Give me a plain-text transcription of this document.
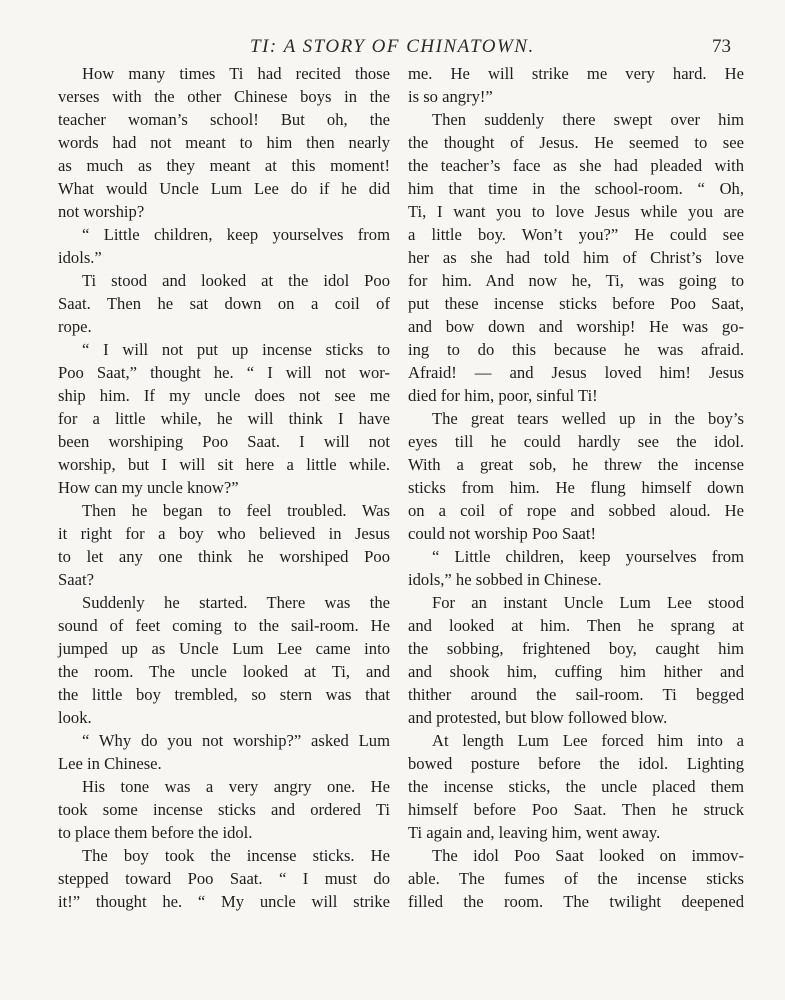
TI: A STORY OF CHINATOWN.	73
How many times Ti had recited those
verses with the other Chinese boys in the
teacher woman’s school! But oh, the
words had not meant to him then nearly
as much as they meant at this moment!
What would Uncle Lum Lee do if he did
not worship?
“ Little children, keep yourselves from
idols.”
Ti stood and looked at the idol Poo
Saat. Then he sat down on a coil of
rope.
“ I will not put up incense sticks to
Poo Saat,” thought he. “ I will not wor-
ship him. If my uncle does not see me
for a little while, he will think I have
been worshiping Poo Saat. I will not
worship, but I will sit here a little while.
How can my uncle know?”
Then he began to feel troubled. Was
it right for a boy who believed in Jesus
to let any one think he worshiped Poo
Saat?
Suddenly he started. There was the
sound of feet coming to the sail-room. He
jumped up as Uncle Lum Lee came into
the room. The uncle looked at Ti, and
the little boy trembled, so stern was that
look.
“ Why do you not worship?” asked Lum
Lee in Chinese.
His tone was a very angry one. He
took some incense sticks and ordered Ti
to place them before the idol.
The boy took the incense sticks. He
stepped toward Poo Saat. “ I must do
it!” thought he. “ My uncle will strike
me. He will strike me very hard. He
is so angry!”
Then suddenly there swept over him
the thought of Jesus. He seemed to see
the teacher’s face as she had pleaded with
him that time in the school-room. “ Oh,
Ti, I want you to love Jesus while you are
a little boy. Won’t you?” He could see
her as she had told him of Christ’s love
for him. And now he, Ti, was going to
put these incense sticks before Poo Saat,
and bow down and worship! He was go-
ing to do this because he was afraid.
Afraid! — and Jesus loved him! Jesus
died for him, poor, sinful Ti!
The great tears welled up in the boy’s
eyes till he could hardly see the idol.
With a great sob, he threw the incense
sticks from him. He flung himself down
on a coil of rope and sobbed aloud. He
could not worship Poo Saat!
“ Little children, keep yourselves from
idols,” he sobbed in Chinese.
For an instant Uncle Lum Lee stood
and looked at him. Then he sprang at
the sobbing, frightened boy, caught him
and shook him, cuffing him hither and
thither around the sail-room. Ti begged
and protested, but blow followed blow.
At length Lum Lee forced him into a
bowed posture before the idol. Lighting
the incense sticks, the uncle placed them
himself before Poo Saat. Then he struck
Ti again and, leaving him, went away.
The idol Poo Saat looked on immov-
able. The fumes of the incense sticks
filled the room. The twilight deepened
